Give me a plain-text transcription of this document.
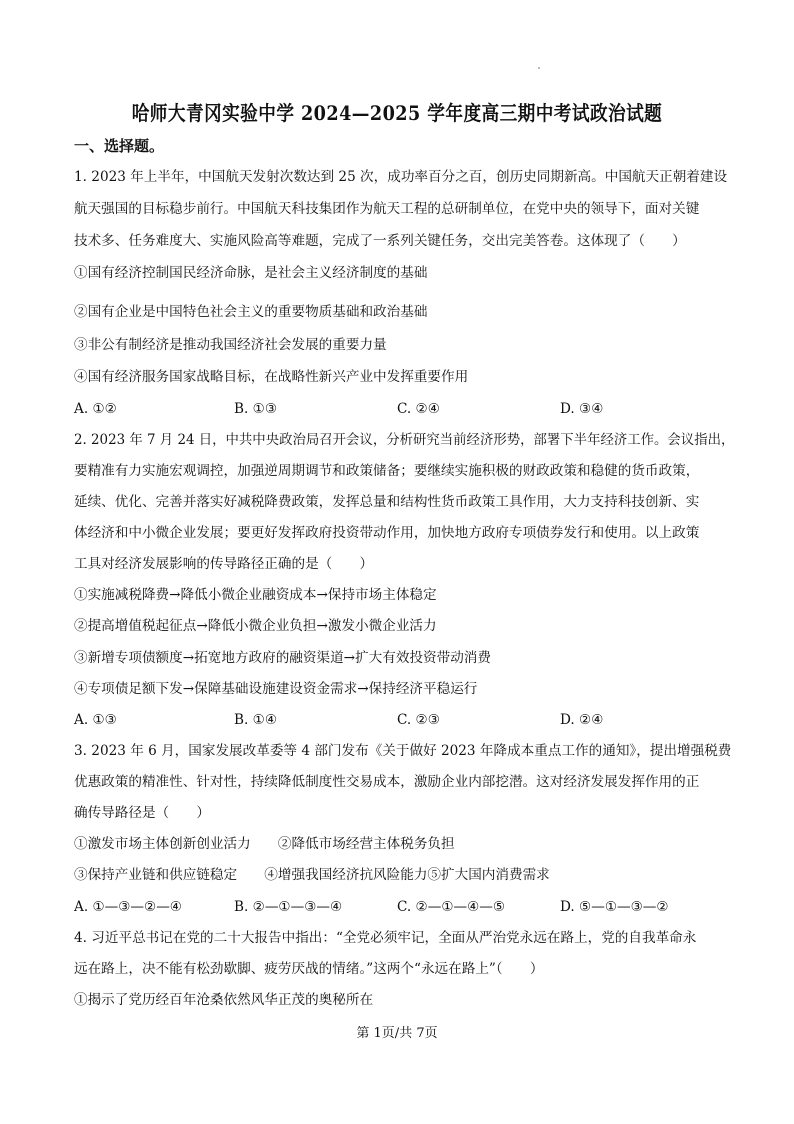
哈师大青冈实验中学 2024—2025 学年度高三期中考试政治试题
一、选择题。
1. 2023 年上半年，中国航天发射次数达到 25 次，成功率百分之百，创历史同期新高。中国航天正朝着建设
航天强国的目标稳步前行。中国航天科技集团作为航天工程的总研制单位，在党中央的领导下，面对关键
技术多、任务难度大、实施风险高等难题，完成了一系列关键任务，交出完美答卷。这体现了（　　）
①国有经济控制国民经济命脉，是社会主义经济制度的基础
②国有企业是中国特色社会主义的重要物质基础和政治基础
③非公有制经济是推动我国经济社会发展的重要力量
④国有经济服务国家战略目标，在战略性新兴产业中发挥重要作用
A. ①②	B. ①③	C. ②④	D. ③④
2. 2023 年 7 月 24 日，中共中央政治局召开会议，分析研究当前经济形势，部署下半年经济工作。会议指出，
要精准有力实施宏观调控，加强逆周期调节和政策储备；要继续实施积极的财政政策和稳健的货币政策，
延续、优化、完善并落实好减税降费政策，发挥总量和结构性货币政策工具作用，大力支持科技创新、实
体经济和中小微企业发展；要更好发挥政府投资带动作用，加快地方政府专项债券发行和使用。以上政策
工具对经济发展影响的传导路径正确的是（　　）
①实施减税降费→降低小微企业融资成本→保持市场主体稳定
②提高增值税起征点→降低小微企业负担→激发小微企业活力
③新增专项债额度→拓宽地方政府的融资渠道→扩大有效投资带动消费
④专项债足额下发→保障基础设施建设资金需求→保持经济平稳运行
A. ①③	B. ①④	C. ②③	D. ②④
3. 2023 年 6 月，国家发展改革委等 4 部门发布《关于做好 2023 年降成本重点工作的通知》，提出增强税费
优惠政策的精准性、针对性，持续降低制度性交易成本，激励企业内部挖潜。这对经济发展发挥作用的正
确传导路径是（　　）
①激发市场主体创新创业活力　　②降低市场经营主体税务负担
③保持产业链和供应链稳定　　④增强我国经济抗风险能力⑤扩大国内消费需求
A. ①—③—②—④	B. ②—①—③—④	C. ②—①—④—⑤	D. ⑤—①—③—②
4. 习近平总书记在党的二十大报告中指出：“全党必须牢记，全面从严治党永远在路上，党的自我革命永
远在路上，决不能有松劲歇脚、疲劳厌战的情绪。”这两个“永远在路上”（　　）
①揭示了党历经百年沧桑依然风华正茂的奥秘所在
第 1页/共 7页
